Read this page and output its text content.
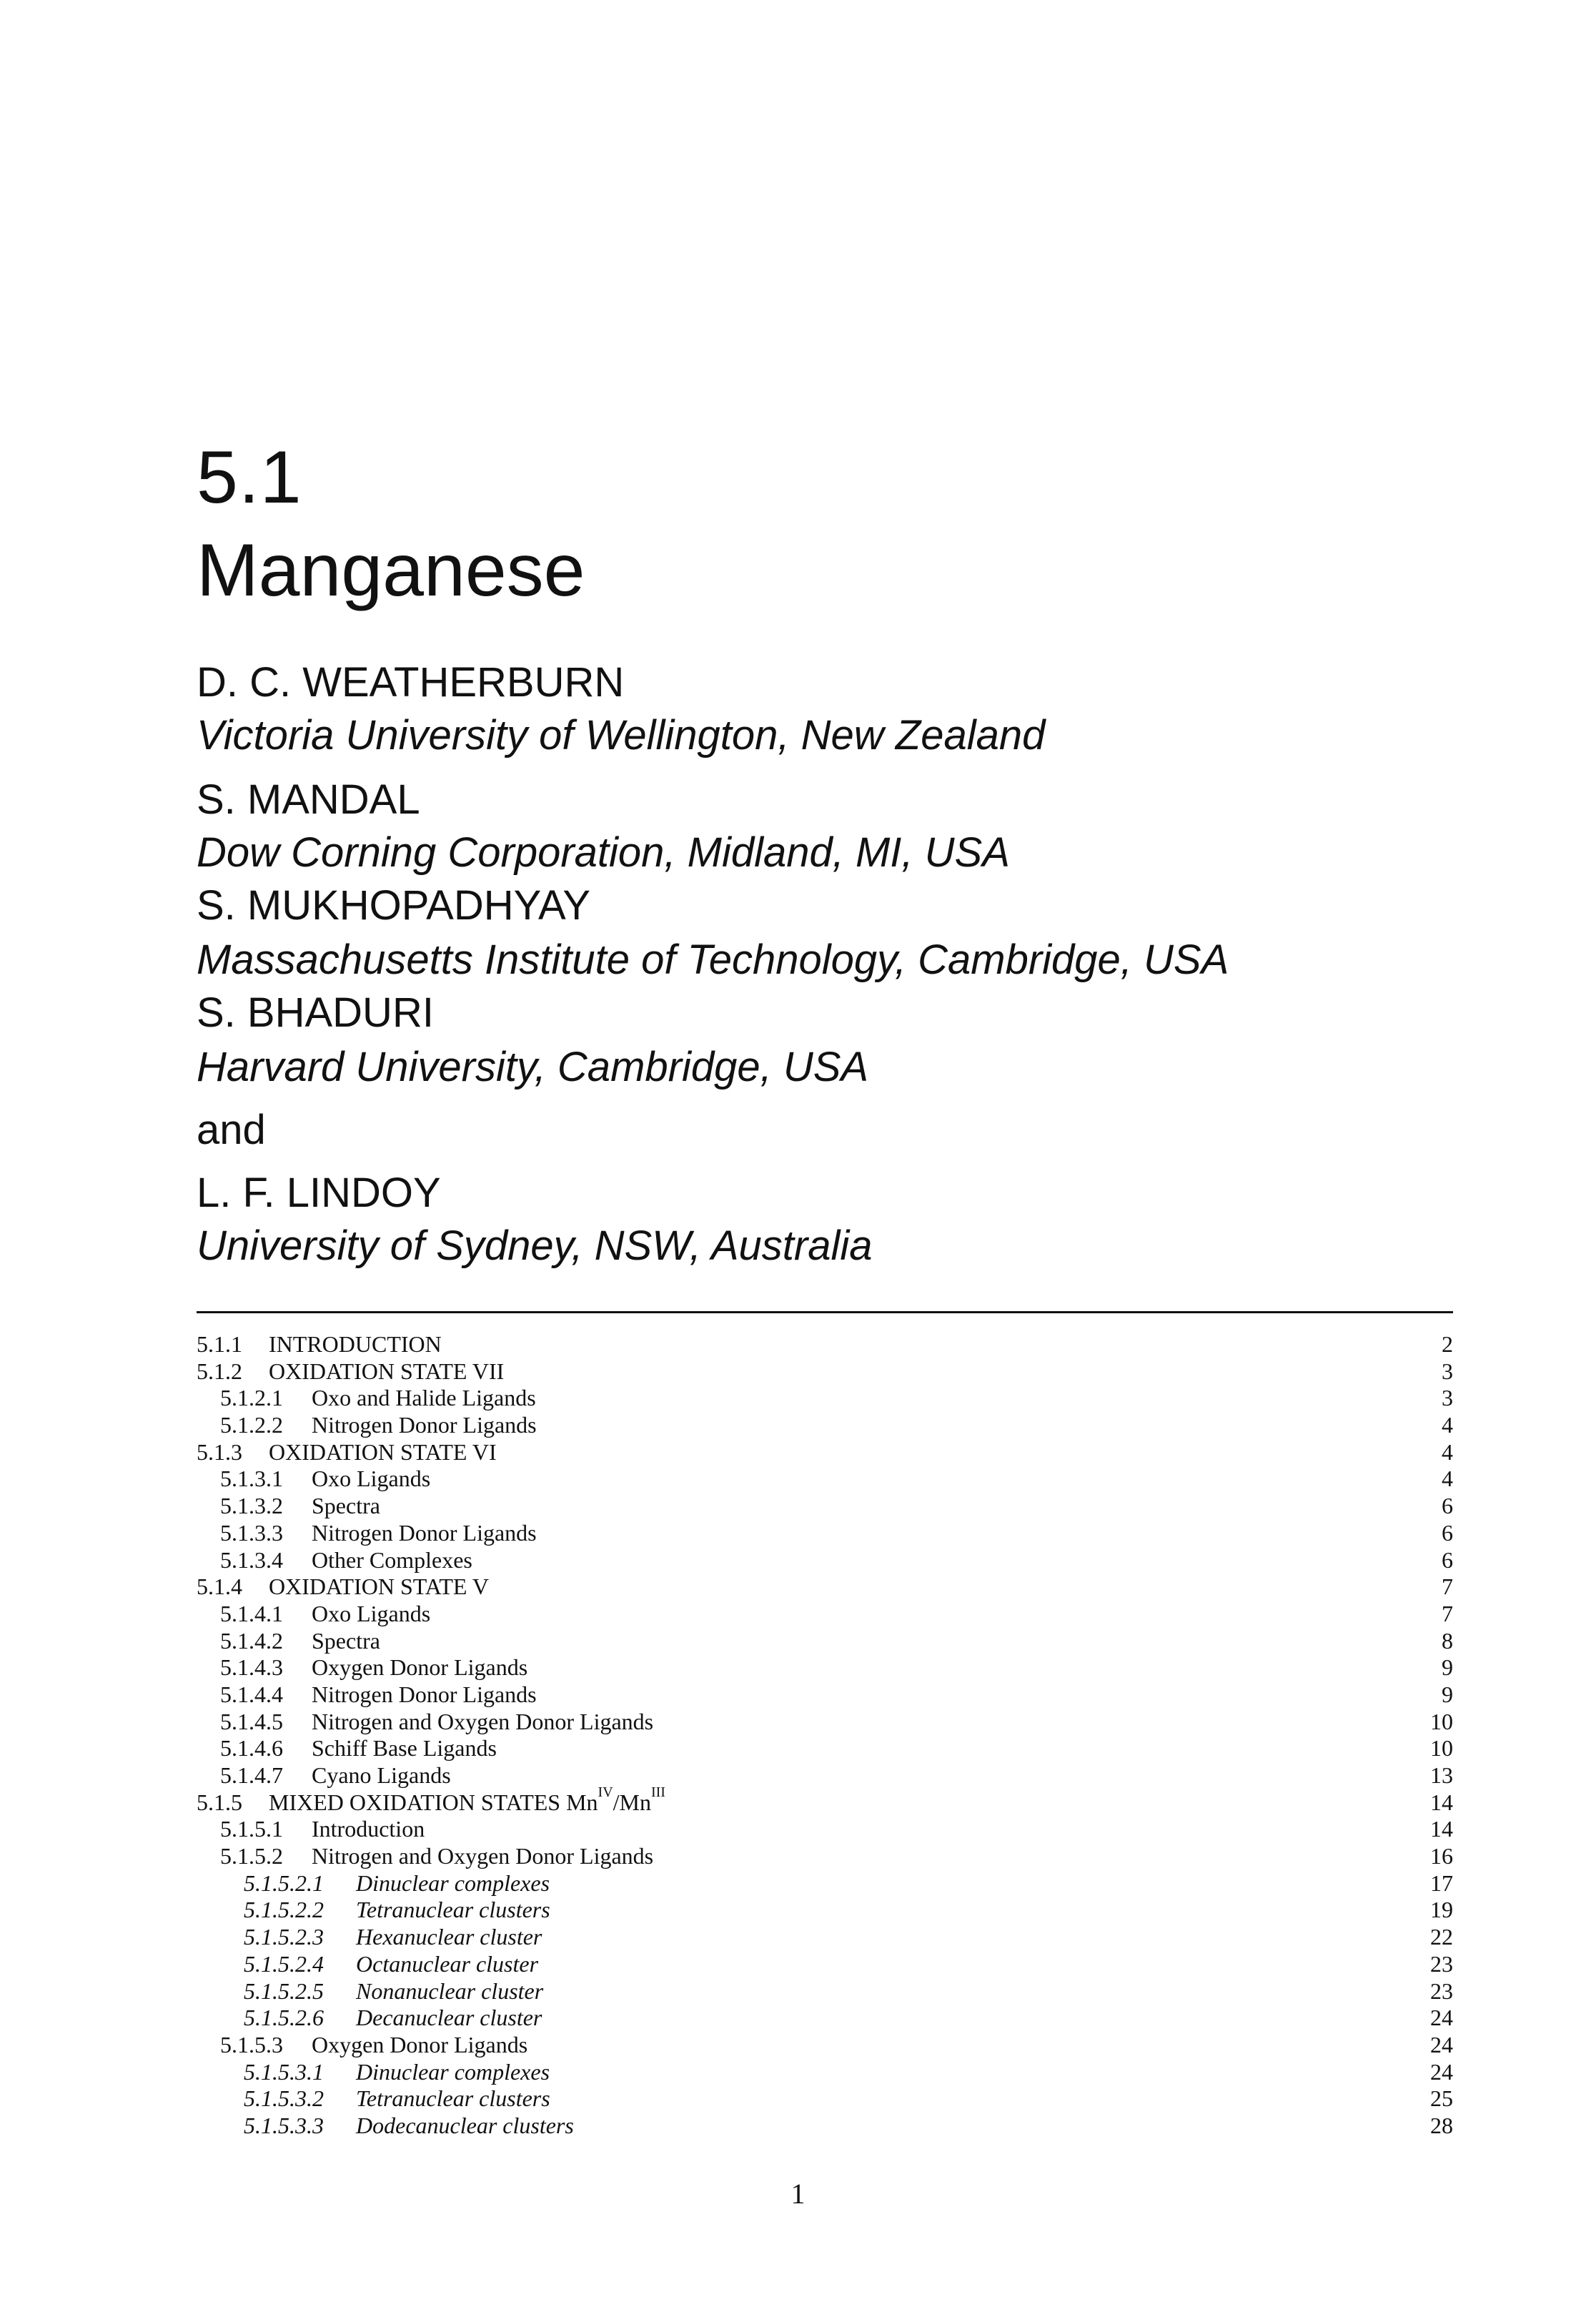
5.1
Manganese
D. C. WEATHERBURN
Victoria University of Wellington, New Zealand
S. MANDAL
Dow Corning Corporation, Midland, MI, USA
S. MUKHOPADHYAY
Massachusetts Institute of Technology, Cambridge, USA
S. BHADURI
Harvard University, Cambridge, USA
and
L. F. LINDOY
University of Sydney, NSW, Australia
5.1.1 INTRODUCTION	2
5.1.2 OXIDATION STATE VII	3
5.1.2.1 Oxo and Halide Ligands	3
5.1.2.2 Nitrogen Donor Ligands	4
5.1.3 OXIDATION STATE VI	4
5.1.3.1 Oxo Ligands	4
5.1.3.2 Spectra	6
5.1.3.3 Nitrogen Donor Ligands	6
5.1.3.4 Other Complexes	6
5.1.4 OXIDATION STATE V	7
5.1.4.1 Oxo Ligands	7
5.1.4.2 Spectra	8
5.1.4.3 Oxygen Donor Ligands	9
5.1.4.4 Nitrogen Donor Ligands	9
5.1.4.5 Nitrogen and Oxygen Donor Ligands	10
5.1.4.6 Schiff Base Ligands	10
5.1.4.7 Cyano Ligands	13
5.1.5 MIXED OXIDATION STATES $Mn^{IV}/Mn^{III}$	14
5.1.5.1 Introduction	14
5.1.5.2 Nitrogen and Oxygen Donor Ligands	16
5.1.5.2.1 Dinuclear complexes	17
5.1.5.2.2 Tetranuclear clusters	19
5.1.5.2.3 Hexanuclear cluster	22
5.1.5.2.4 Octanuclear cluster	23
5.1.5.2.5 Nonanuclear cluster	23
5.1.5.2.6 Decanuclear cluster	24
5.1.5.3 Oxygen Donor Ligands	24
5.1.5.3.1 Dinuclear complexes	24
5.1.5.3.2 Tetranuclear clusters	25
5.1.5.3.3 Dodecanuclear clusters	28
1
